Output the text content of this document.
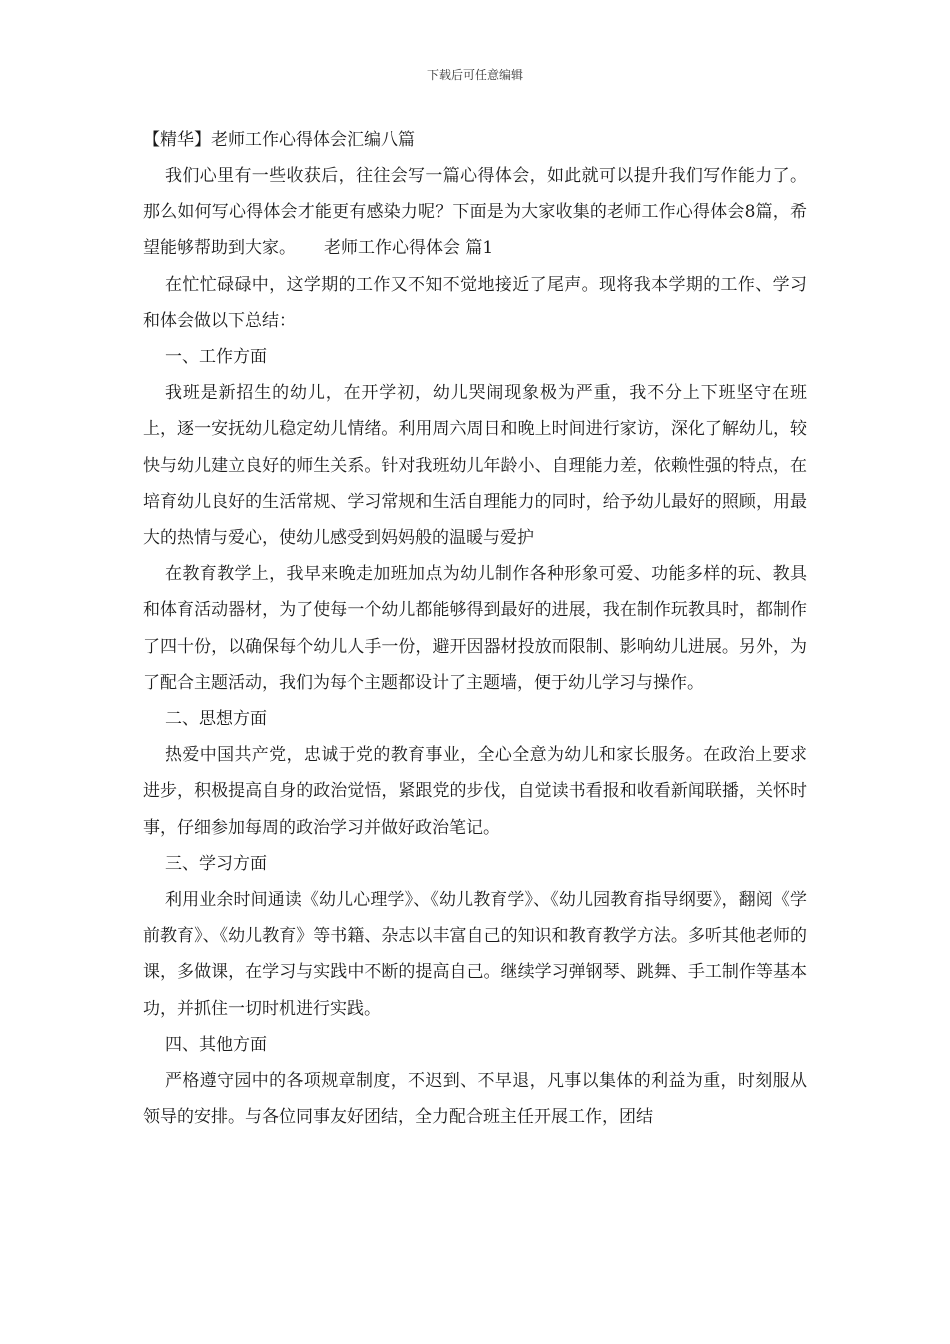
下载后可任意编辑

【精华】老师工作心得体会汇编八篇

我们心里有一些收获后，往往会写一篇心得体会，如此就可以提升我们写作能力了。那么如何写心得体会才能更有感染力呢？下面是为大家收集的老师工作心得体会8篇，希望能够帮助到大家。 老师工作心得体会 篇1

在忙忙碌碌中，这学期的工作又不知不觉地接近了尾声。现将我本学期的工作、学习和体会做以下总结：

一、工作方面

我班是新招生的幼儿，在开学初，幼儿哭闹现象极为严重，我不分上下班坚守在班上，逐一安抚幼儿稳定幼儿情绪。利用周六周日和晚上时间进行家访，深化了解幼儿，较快与幼儿建立良好的师生关系。针对我班幼儿年龄小、自理能力差，依赖性强的特点，在培育幼儿良好的生活常规、学习常规和生活自理能力的同时，给予幼儿最好的照顾，用最大的热情与爱心，使幼儿感受到妈妈般的温暖与爱护

在教育教学上，我早来晚走加班加点为幼儿制作各种形象可爱、功能多样的玩、教具和体育活动器材，为了使每一个幼儿都能够得到最好的进展，我在制作玩教具时，都制作了四十份，以确保每个幼儿人手一份，避开因器材投放而限制、影响幼儿进展。另外，为了配合主题活动，我们为每个主题都设计了主题墙，便于幼儿学习与操作。

二、思想方面

热爱中国共产党，忠诚于党的教育事业，全心全意为幼儿和家长服务。在政治上要求进步，积极提高自身的政治觉悟，紧跟党的步伐，自觉读书看报和收看新闻联播，关怀时事，仔细参加每周的政治学习并做好政治笔记。

三、学习方面

利用业余时间通读《幼儿心理学》、《幼儿教育学》、《幼儿园教育指导纲要》，翻阅《学前教育》、《幼儿教育》等书籍、杂志以丰富自己的知识和教育教学方法。多听其他老师的课，多做课，在学习与实践中不断的提高自己。继续学习弹钢琴、跳舞、手工制作等基本功，并抓住一切时机进行实践。

四、其他方面

严格遵守园中的各项规章制度，不迟到、不早退，凡事以集体的利益为重，时刻服从领导的安排。与各位同事友好团结，全力配合班主任开展工作，团结
